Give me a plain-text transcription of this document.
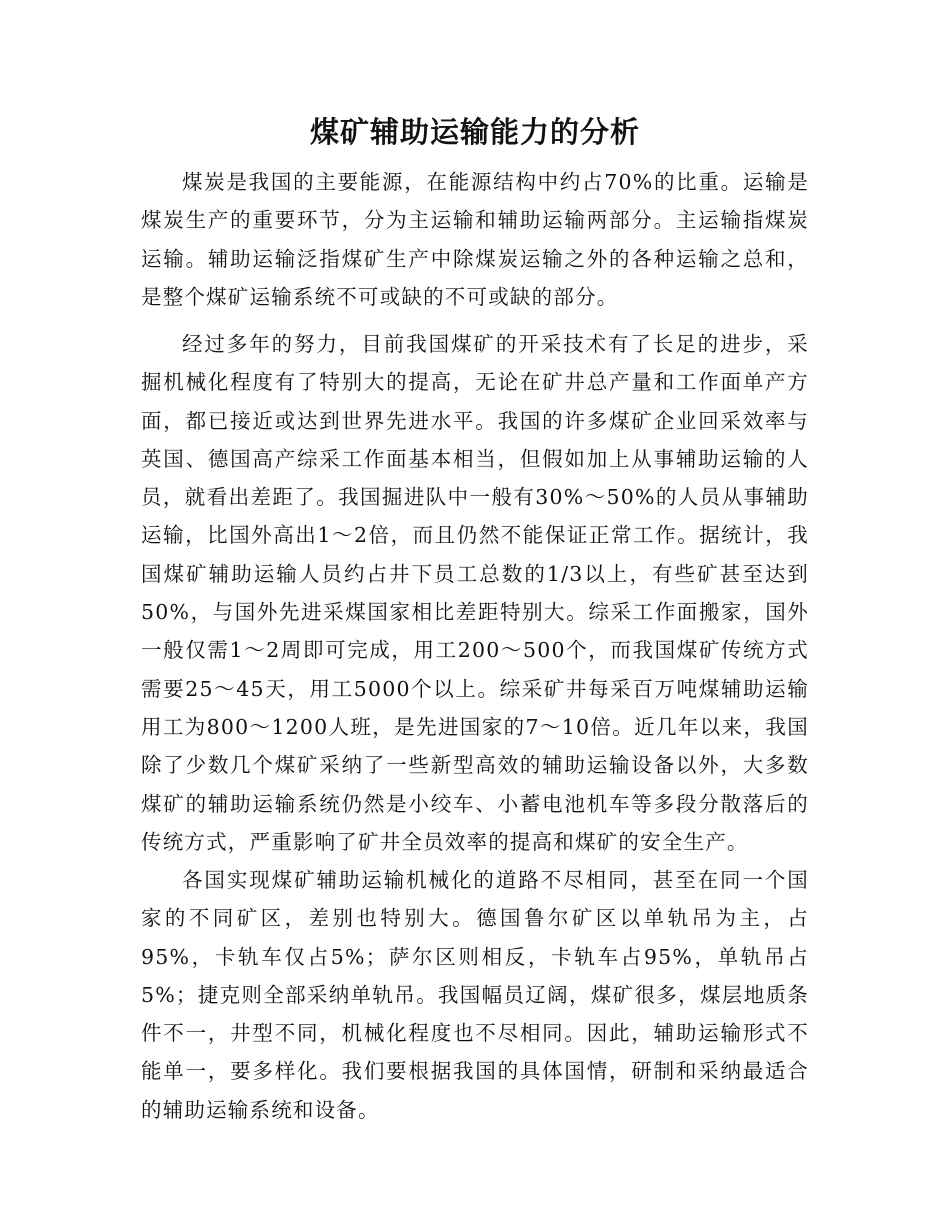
煤矿辅助运输能力的分析

煤炭是我国的主要能源，在能源结构中约占70%的比重。运输是煤炭生产的重要环节，分为主运输和辅助运输两部分。主运输指煤炭运输。辅助运输泛指煤矿生产中除煤炭运输之外的各种运输之总和，是整个煤矿运输系统不可或缺的不可或缺的部分。

经过多年的努力，目前我国煤矿的开采技术有了长足的进步，采掘机械化程度有了特别大的提高，无论在矿井总产量和工作面单产方面，都已接近或达到世界先进水平。我国的许多煤矿企业回采效率与英国、德国高产综采工作面基本相当，但假如加上从事辅助运输的人员，就看出差距了。我国掘进队中一般有30%～50%的人员从事辅助运输，比国外高出1～2倍，而且仍然不能保证正常工作。据统计，我国煤矿辅助运输人员约占井下员工总数的1/3以上，有些矿甚至达到50%，与国外先进采煤国家相比差距特别大。综采工作面搬家，国外一般仅需1～2周即可完成，用工200～500个，而我国煤矿传统方式需要25～45天，用工5000个以上。综采矿井每采百万吨煤辅助运输用工为800～1200人班，是先进国家的7～10倍。近几年以来，我国除了少数几个煤矿采纳了一些新型高效的辅助运输设备以外，大多数煤矿的辅助运输系统仍然是小绞车、小蓄电池机车等多段分散落后的传统方式，严重影响了矿井全员效率的提高和煤矿的安全生产。

各国实现煤矿辅助运输机械化的道路不尽相同，甚至在同一个国家的不同矿区，差别也特别大。德国鲁尔矿区以单轨吊为主，占95%，卡轨车仅占5%；萨尔区则相反，卡轨车占95%，单轨吊占5%；捷克则全部采纳单轨吊。我国幅员辽阔，煤矿很多，煤层地质条件不一，井型不同，机械化程度也不尽相同。因此，辅助运输形式不能单一，要多样化。我们要根据我国的具体国情，研制和采纳最适合的辅助运输系统和设备。
